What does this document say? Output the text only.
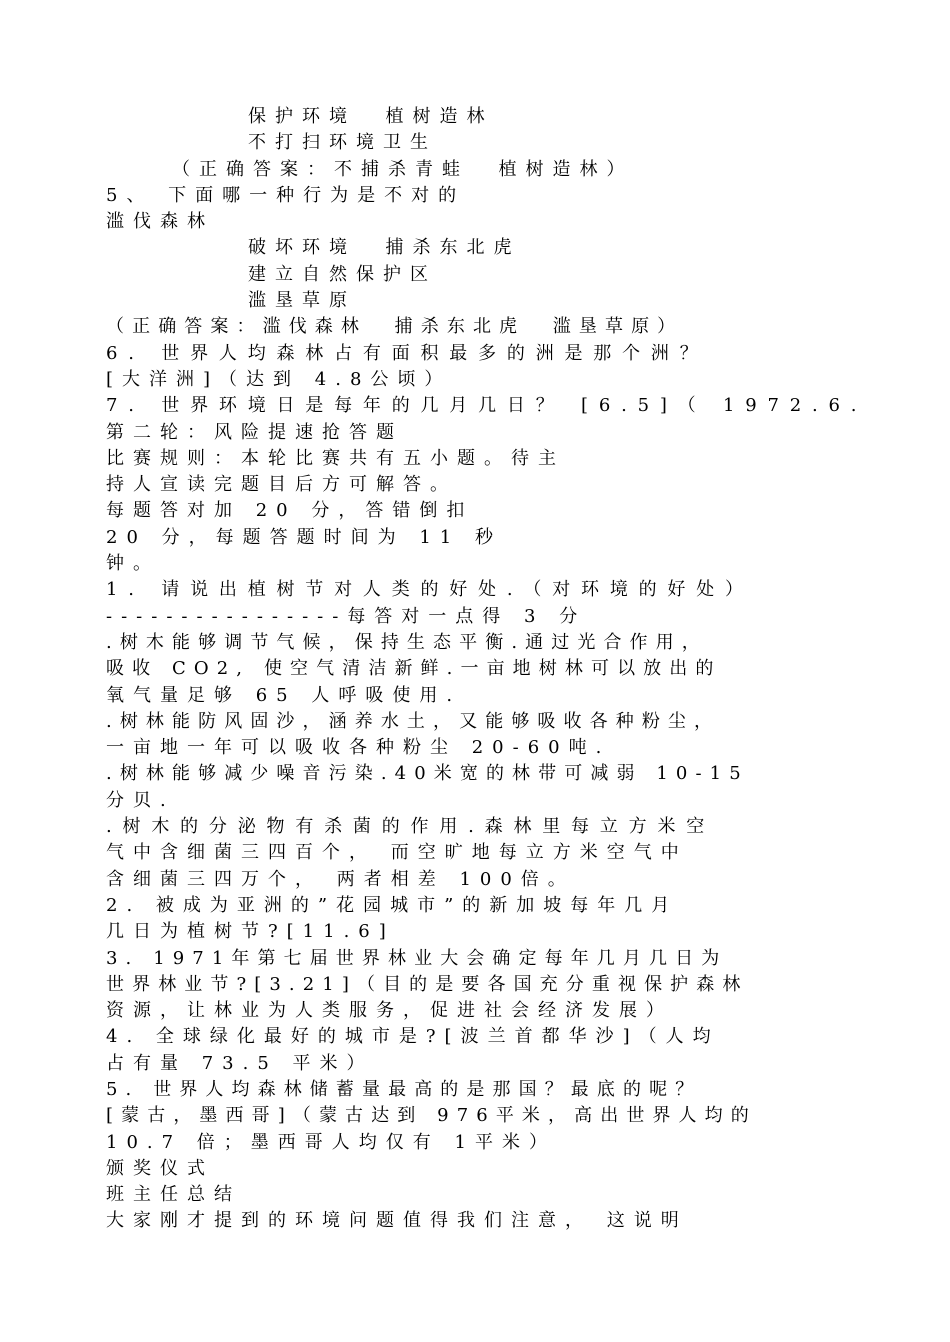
保护环境  植树造林
不打扫环境卫生
（正确答案：不捕杀青蛙  植树造林）
5、 下面哪一种行为是不对的
滥伐森林
破坏环境  捕杀东北虎
建立自然保护区
滥垦草原
（正确答案：滥伐森林  捕杀东北虎  滥垦草原）
6. 世界人均森林占有面积最多的洲是那个洲？
[大洋洲]（达到 4.8公顷）
7. 世界环境日是每年的几月几日？ [6.5]（ 1972.6.
第二轮：风险提速抢答题
比赛规则：本轮比赛共有五小题。待主
持人宣读完题目后方可解答。
每题答对加 20 分，答错倒扣
20 分，每题答题时间为 11 秒
钟。
1. 请说出植树节对人类的好处.（对环境的好处）
----------------每答对一点得 3 分
.树木能够调节气候，保持生态平衡.通过光合作用，
吸收 CO2, 使空气清洁新鲜.一亩地树林可以放出的
氧气量足够 65 人呼吸使用.
.树林能防风固沙，涵养水土，又能够吸收各种粉尘，
一亩地一年可以吸收各种粉尘 20-60吨.
.树林能够减少噪音污染.40米宽的林带可减弱 10-15
分贝.
.树木的分泌物有杀菌的作用.森林里每立方米空
气中含细菌三四百个， 而空旷地每立方米空气中
含细菌三四万个， 两者相差 100倍。
2. 被成为亚洲的”花园城市”的新加坡每年几月
几日为植树节?[11.6]
3. 1971年第七届世界林业大会确定每年几月几日为
世界林业节?[3.21]（目的是要各国充分重视保护森林
资源，让林业为人类服务，促进社会经济发展）
4. 全球绿化最好的城市是?[波兰首都华沙]（人均
占有量 73.5 平米）
5. 世界人均森林储蓄量最高的是那国？最底的呢？
[蒙古，墨西哥]（蒙古达到 976平米，高出世界人均的
10.7 倍；墨西哥人均仅有 1平米）
颁奖仪式
班主任总结
大家刚才提到的环境问题值得我们注意， 这说明
